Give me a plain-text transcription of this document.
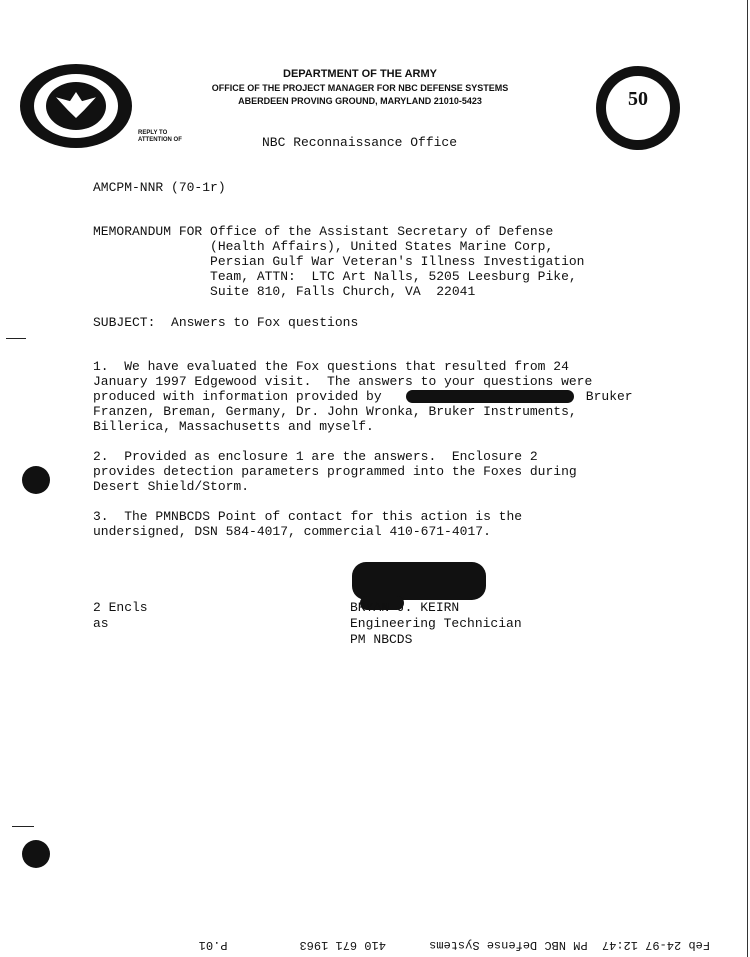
50
DEPARTMENT OF THE ARMY
OFFICE OF THE PROJECT MANAGER FOR NBC DEFENSE SYSTEMS
ABERDEEN PROVING GROUND, MARYLAND 21010-5423
REPLY TO
ATTENTION OF	NBC Reconnaissance Office
AMCPM-NNR (70-1r)
MEMORANDUM FOR Office of the Assistant Secretary of Defense
(Health Affairs), United States Marine Corp,
Persian Gulf War Veteran's Illness Investigation
Team, ATTN:  LTC Art Nalls, 5205 Leesburg Pike,
Suite 810, Falls Church, VA  22041
SUBJECT:  Answers to Fox questions
1.  We have evaluated the Fox questions that resulted from 24
January 1997 Edgewood visit.  The answers to your questions were
produced with information provided by	Bruker
Franzen, Breman, Germany, Dr. John Wronka, Bruker Instruments,
Billerica, Massachusetts and myself.
2.  Provided as enclosure 1 are the answers.  Enclosure 2
provides detection parameters programmed into the Foxes during
Desert Shield/Storm.
3.  The PMNBCDS Point of contact for this action is the
undersigned, DSN 584-4017, commercial 410-671-4017.
2 Encls
as
BRYAN J. KEIRN
Engineering Technician
PM NBCDS
Feb 24-97 12:47  PM NBC Defense Systems      410 671 1963          P.01
